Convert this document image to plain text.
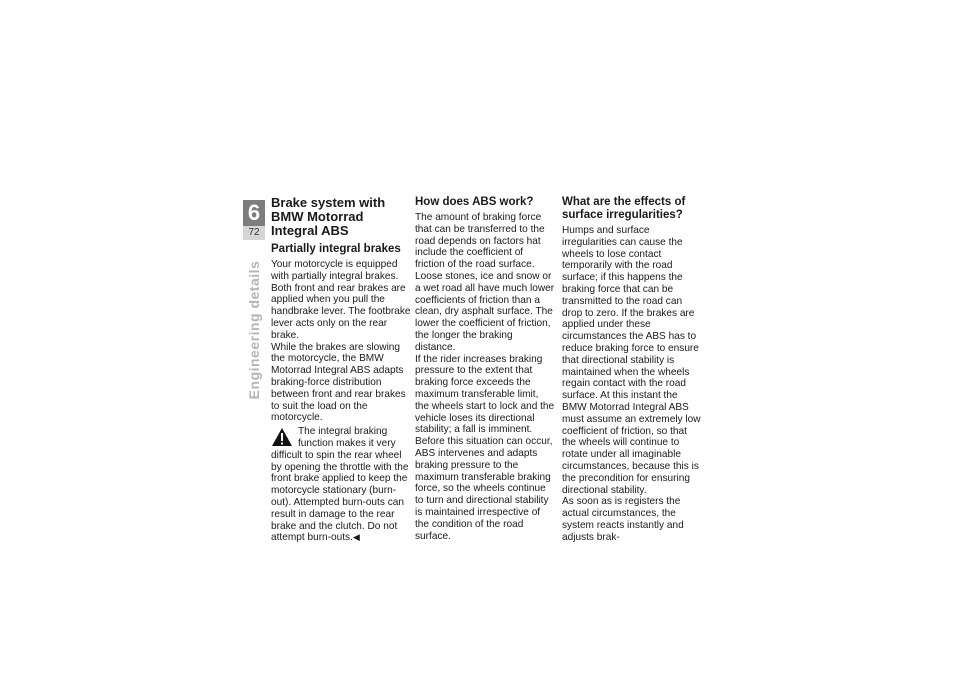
6
72
Engineering details
Brake system with BMW Motorrad Integral ABS
Partially integral brakes

Your motorcycle is equipped with partially integral brakes. Both front and rear brakes are applied when you pull the handbrake lever. The footbrake lever acts only on the rear brake.

While the brakes are slowing the motorcycle, the BMW Motorrad Integral ABS adapts braking-force distribution between front and rear brakes to suit the load on the motorcycle.

The integral braking function makes it very difficult to spin the rear wheel by opening the throttle with the front brake applied to keep the motorcycle stationary (burn-out). Attempted burn-outs can result in damage to the rear brake and the clutch. Do not attempt burn-outs.◀

How does ABS work?

The amount of braking force that can be transferred to the road depends on factors hat include the coefficient of friction of the road surface. Loose stones, ice and snow or a wet road all have much lower coefficients of friction than a clean, dry asphalt surface. The lower the coefficient of friction, the longer the braking distance.

If the rider increases braking pressure to the extent that braking force exceeds the maximum transferable limit, the wheels start to lock and the vehicle loses its directional stability; a fall is imminent. Before this situation can occur, ABS intervenes and adapts braking pressure to the maximum transferable braking force, so the wheels continue to turn and directional stability is maintained irrespective of the condition of the road surface.

What are the effects of surface irregularities?

Humps and surface irregularities can cause the wheels to lose contact temporarily with the road surface; if this happens the braking force that can be transmitted to the road can drop to zero. If the brakes are applied under these circumstances the ABS has to reduce braking force to ensure that directional stability is maintained when the wheels regain contact with the road surface. At this instant the BMW Motorrad Integral ABS must assume an extremely low coefficient of friction, so that the wheels will continue to rotate under all imaginable circumstances, because this is the precondition for ensuring directional stability.

As soon as is registers the actual circumstances, the system reacts instantly and adjusts brak-
